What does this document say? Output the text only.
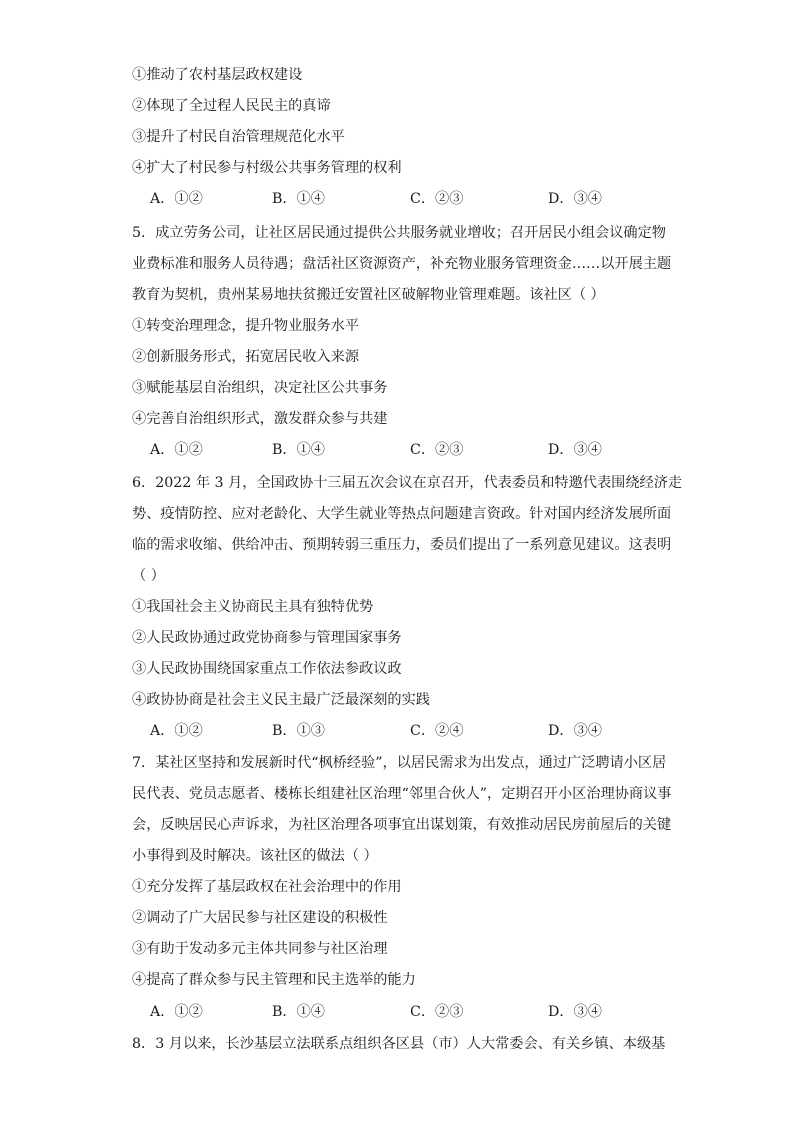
①推动了农村基层政权建设
②体现了全过程人民民主的真谛
③提升了村民自治管理规范化水平
④扩大了村民参与村级公共事务管理的权利
A．①②	B．①④	C．②③	D．③④
5．成立劳务公司，让社区居民通过提供公共服务就业增收；召开居民小组会议确定物
业费标准和服务人员待遇；盘活社区资源资产，补充物业服务管理资金……以开展主题
教育为契机，贵州某易地扶贫搬迁安置社区破解物业管理难题。该社区（ ）
①转变治理理念，提升物业服务水平
②创新服务形式，拓宽居民收入来源
③赋能基层自治组织，决定社区公共事务
④完善自治组织形式，激发群众参与共建
A．①②	B．①④	C．②③	D．③④
6．2022 年 3 月，全国政协十三届五次会议在京召开，代表委员和特邀代表围绕经济走
势、疫情防控、应对老龄化、大学生就业等热点问题建言资政。针对国内经济发展所面
临的需求收缩、供给冲击、预期转弱三重压力，委员们提出了一系列意见建议。这表明
（ ）
①我国社会主义协商民主具有独特优势
②人民政协通过政党协商参与管理国家事务
③人民政协围绕国家重点工作依法参政议政
④政协协商是社会主义民主最广泛最深刻的实践
A．①②	B．①③	C．②④	D．③④
7．某社区坚持和发展新时代“枫桥经验”，以居民需求为出发点，通过广泛聘请小区居
民代表、党员志愿者、楼栋长组建社区治理“邻里合伙人”，定期召开小区治理协商议事
会，反映居民心声诉求，为社区治理各项事宜出谋划策，有效推动居民房前屋后的关键
小事得到及时解决。该社区的做法（ ）
①充分发挥了基层政权在社会治理中的作用
②调动了广大居民参与社区建设的积极性
③有助于发动多元主体共同参与社区治理
④提高了群众参与民主管理和民主选举的能力
A．①②	B．①④	C．②③	D．③④
8．3 月以来，长沙基层立法联系点组织各区县（市）人大常委会、有关乡镇、本级基
